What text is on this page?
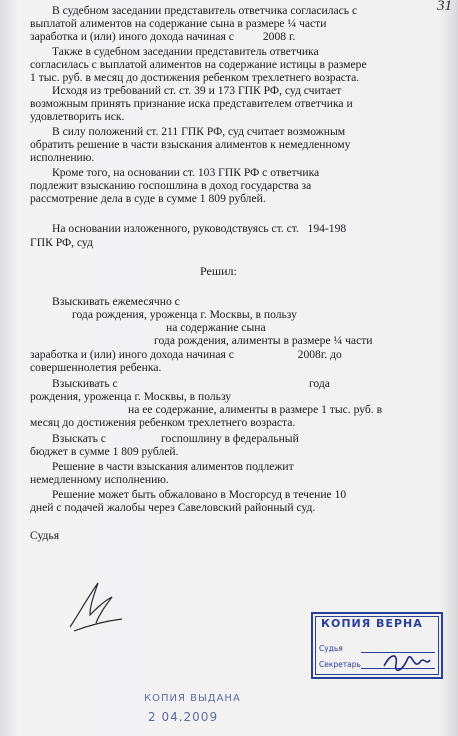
31
В судебном заседании представитель ответчика согласилась с
выплатой алиментов на содержание сына в размере ¼ части
заработка и (или) иного дохода начиная с          2008 г.
Также в судебном заседании представитель ответчика
согласилась с выплатой алиментов на содержание истицы в размере
1 тыс. руб. в месяц до достижения ребенком трехлетнего возраста.
Исходя из требований ст. ст. 39 и 173 ГПК РФ, суд считает
возможным принять признание иска представителем ответчика и
удовлетворить иск.
В силу положений ст. 211 ГПК РФ, суд считает возможным
обратить решение в части взыскания алиментов к немедленному
исполнению.
Кроме того, на основании ст. 103 ГПК РФ с ответчика
подлежит взысканию госпошлина в доход государства за
рассмотрение дела в суде в сумме 1 809 рублей.
На основании изложенного, руководствуясь ст. ст.   194-198
ГПК РФ, суд
Взыскивать ежемесячно с
года рождения, уроженца г. Москвы, в пользу
на содержание сына
года рождения, алименты в размере ¼ части
заработка и (или) иного дохода начиная с                      2008г. до
совершеннолетия ребенка.
Взыскивать с                                                                  года
рождения, уроженца г. Москвы, в пользу
на ее содержание, алименты в размере 1 тыс. руб. в
месяц до достижения ребенком трехлетнего возраста.
Взыскать с                   госпошлину в федеральный
бюджет в сумме 1 809 рублей.
Решение в части взыскания алиментов подлежит
немедленному исполнению.
Решение может быть обжаловано в Мосгорсуд в течение 10
дней с подачей жалобы через Савеловский районный суд.
Судья
Решил:
КОПИЯ ВЕРНА
Судья
Секретарь
КОПИЯ ВЫДАНА
2 04.2009
